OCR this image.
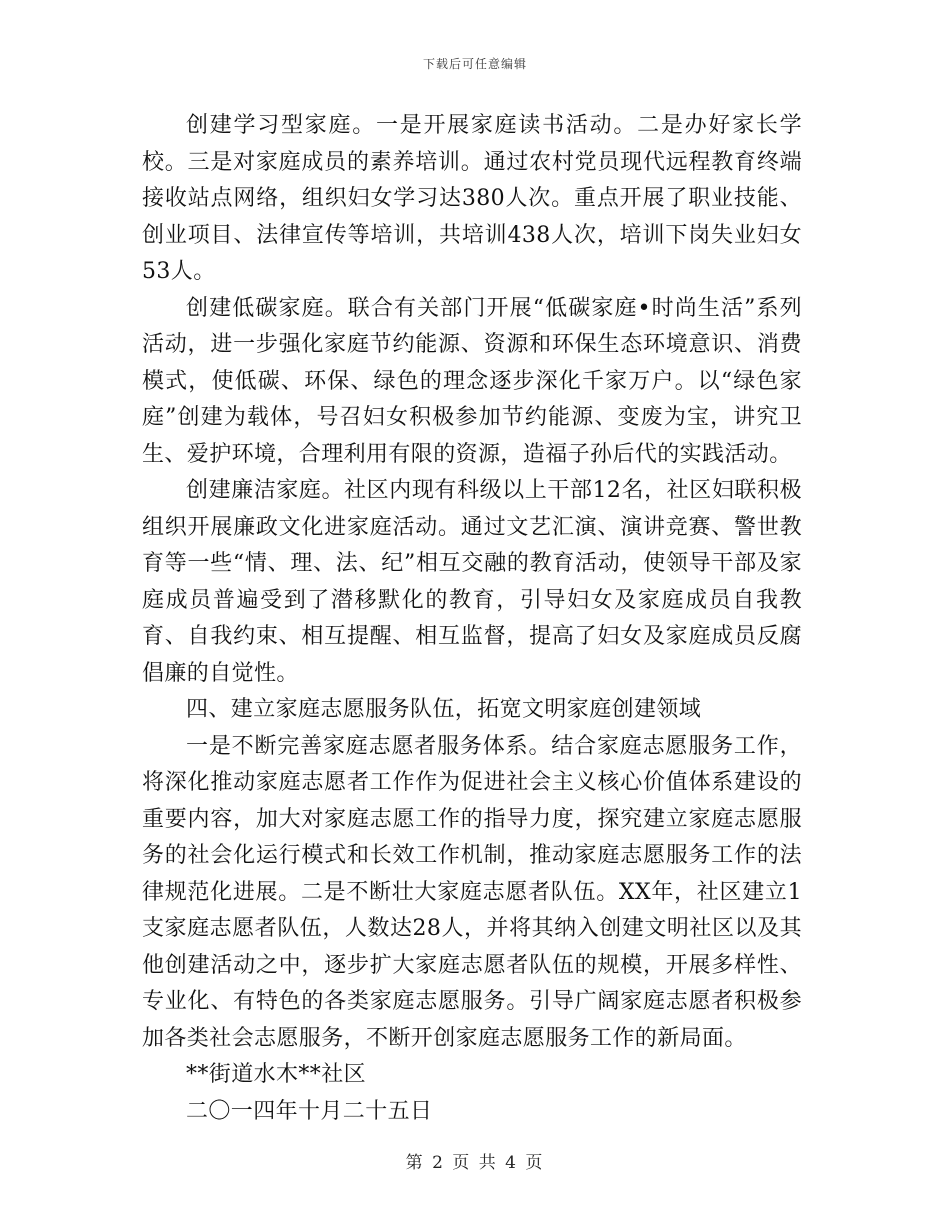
下载后可任意编辑

创建学习型家庭。一是开展家庭读书活动。二是办好家长学校。三是对家庭成员的素养培训。通过农村党员现代远程教育终端接收站点网络，组织妇女学习达380人次。重点开展了职业技能、创业项目、法律宣传等培训，共培训438人次，培训下岗失业妇女53人。

创建低碳家庭。联合有关部门开展“低碳家庭•时尚生活”系列活动，进一步强化家庭节约能源、资源和环保生态环境意识、消费模式，使低碳、环保、绿色的理念逐步深化千家万户。以“绿色家庭”创建为载体，号召妇女积极参加节约能源、变废为宝，讲究卫生、爱护环境，合理利用有限的资源，造福子孙后代的实践活动。

创建廉洁家庭。社区内现有科级以上干部12名，社区妇联积极组织开展廉政文化进家庭活动。通过文艺汇演、演讲竞赛、警世教育等一些“情、理、法、纪”相互交融的教育活动，使领导干部及家庭成员普遍受到了潜移默化的教育，引导妇女及家庭成员自我教育、自我约束、相互提醒、相互监督，提高了妇女及家庭成员反腐倡廉的自觉性。

四、建立家庭志愿服务队伍，拓宽文明家庭创建领域

一是不断完善家庭志愿者服务体系。结合家庭志愿服务工作，将深化推动家庭志愿者工作作为促进社会主义核心价值体系建设的重要内容，加大对家庭志愿工作的指导力度，探究建立家庭志愿服务的社会化运行模式和长效工作机制，推动家庭志愿服务工作的法律规范化进展。二是不断壮大家庭志愿者队伍。XX年，社区建立1支家庭志愿者队伍，人数达28人，并将其纳入创建文明社区以及其他创建活动之中，逐步扩大家庭志愿者队伍的规模，开展多样性、专业化、有特色的各类家庭志愿服务。引导广阔家庭志愿者积极参加各类社会志愿服务，不断开创家庭志愿服务工作的新局面。

**街道水木**社区

二〇一四年十月二十五日

第 2 页 共 4 页
